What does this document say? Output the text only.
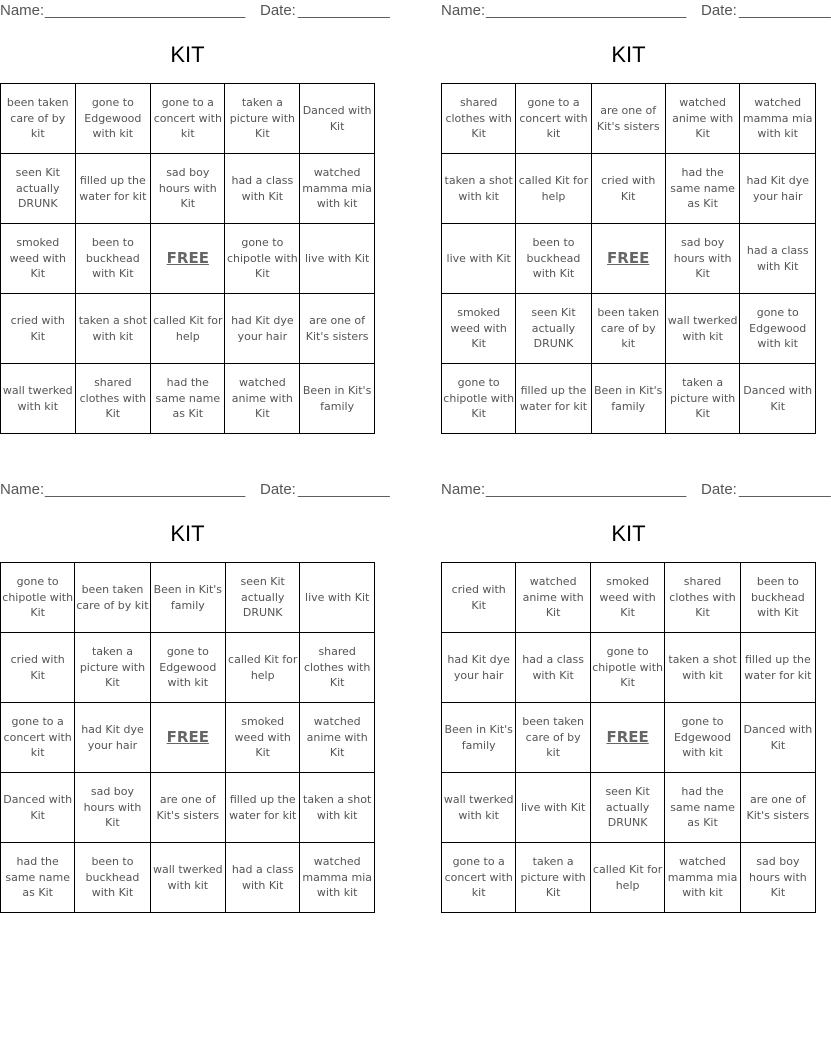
Name: ________________________ Date: ___________
KIT
been taken care of by kit	gone to Edgewood with kit	gone to a concert with kit	taken a picture with Kit	Danced with Kit
seen Kit actually DRUNK	filled up the water for kit	sad boy hours with Kit	had a class with Kit	watched mamma mia with kit
smoked weed with Kit	been to buckhead with Kit	FREE	gone to chipotle with Kit	live with Kit
cried with Kit	taken a shot with kit	called Kit for help	had Kit dye your hair	are one of Kit's sisters
wall twerked with kit	shared clothes with Kit	had the same name as Kit	watched anime with Kit	Been in Kit's family
Name: ________________________ Date: ___________
KIT
shared clothes with Kit	gone to a concert with kit	are one of Kit's sisters	watched anime with Kit	watched mamma mia with kit
taken a shot with kit	called Kit for help	cried with Kit	had the same name as Kit	had Kit dye your hair
live with Kit	been to buckhead with Kit	FREE	sad boy hours with Kit	had a class with Kit
smoked weed with Kit	seen Kit actually DRUNK	been taken care of by kit	wall twerked with kit	gone to Edgewood with kit
gone to chipotle with Kit	filled up the water for kit	Been in Kit's family	taken a picture with Kit	Danced with Kit
Name: ________________________ Date: ___________
KIT
gone to chipotle with Kit	been taken care of by kit	Been in Kit's family	seen Kit actually DRUNK	live with Kit
cried with Kit	taken a picture with Kit	gone to Edgewood with kit	called Kit for help	shared clothes with Kit
gone to a concert with kit	had Kit dye your hair	FREE	smoked weed with Kit	watched anime with Kit
Danced with Kit	sad boy hours with Kit	are one of Kit's sisters	filled up the water for kit	taken a shot with kit
had the same name as Kit	been to buckhead with Kit	wall twerked with kit	had a class with Kit	watched mamma mia with kit
Name: ________________________ Date: ___________
KIT
cried with Kit	watched anime with Kit	smoked weed with Kit	shared clothes with Kit	been to buckhead with Kit
had Kit dye your hair	had a class with Kit	gone to chipotle with Kit	taken a shot with kit	filled up the water for kit
Been in Kit's family	been taken care of by kit	FREE	gone to Edgewood with kit	Danced with Kit
wall twerked with kit	live with Kit	seen Kit actually DRUNK	had the same name as Kit	are one of Kit's sisters
gone to a concert with kit	taken a picture with Kit	called Kit for help	watched mamma mia with kit	sad boy hours with Kit
